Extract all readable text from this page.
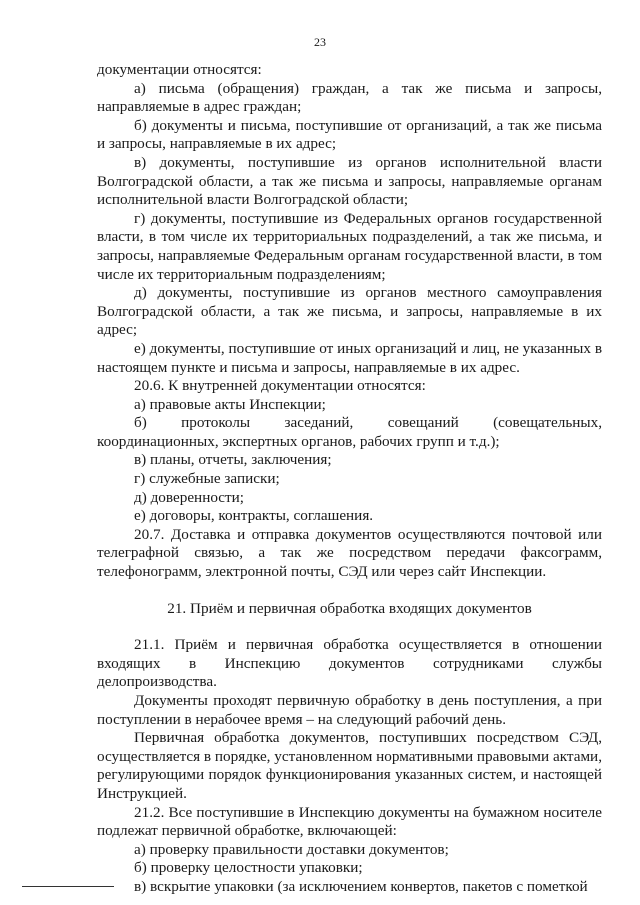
23

документации относятся:

а) письма (обращения) граждан, а так же письма и запросы, направляемые в адрес граждан;

б) документы и письма, поступившие от организаций, а так же письма и запросы, направляемые в их адрес;

в) документы, поступившие из органов исполнительной власти Волгоградской области, а так же письма и запросы, направляемые органам исполнительной власти Волгоградской области;

г) документы, поступившие из Федеральных органов государственной власти, в том числе их территориальных подразделений, а так же письма, и запросы, направляемые Федеральным органам государственной власти, в том числе их территориальным подразделениям;

д) документы, поступившие из органов местного самоуправления Волгоградской области, а так же письма, и запросы, направляемые в их адрес;

е) документы, поступившие от иных организаций и лиц, не указанных в настоящем пункте и письма и запросы, направляемые в их адрес.

20.6. К внутренней документации относятся:

а) правовые акты Инспекции;

б) протоколы заседаний, совещаний (совещательных, координационных, экспертных органов, рабочих групп и т.д.);

в) планы, отчеты, заключения;

г) служебные записки;

д) доверенности;

е) договоры, контракты, соглашения.

20.7. Доставка и отправка документов осуществляются почтовой или телеграфной связью, а так же посредством передачи факсограмм, телефонограмм, электронной почты, СЭД или через сайт Инспекции.

21. Приём и первичная обработка входящих документов

21.1. Приём и первичная обработка осуществляется в отношении входящих в Инспекцию документов сотрудниками службы делопроизводства.

Документы проходят первичную обработку в день поступления, а при поступлении в нерабочее время – на следующий рабочий день.

Первичная обработка документов, поступивших посредством СЭД, осуществляется в порядке, установленном нормативными правовыми актами, регулирующими порядок функционирования указанных систем, и настоящей Инструкцией.

21.2. Все поступившие в Инспекцию документы на бумажном носителе подлежат первичной обработке, включающей:

а) проверку правильности доставки документов;

б) проверку целостности упаковки;

в) вскрытие упаковки (за исключением конвертов, пакетов с пометкой
